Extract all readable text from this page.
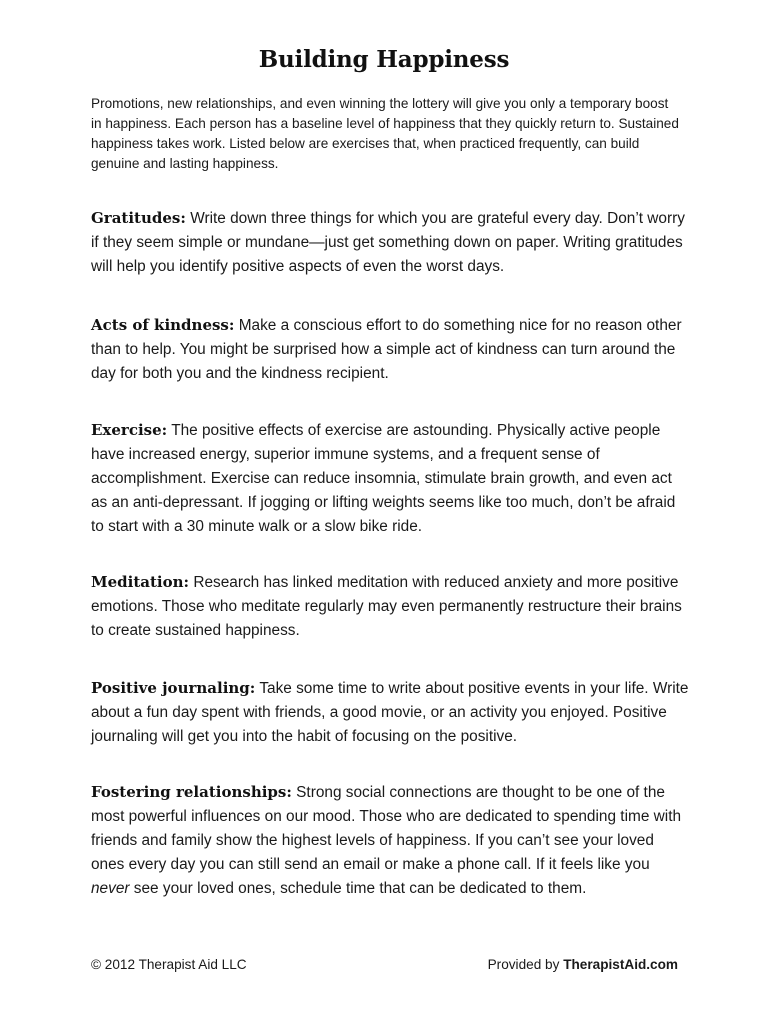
Building Happiness

Promotions, new relationships, and even winning the lottery will give you only a temporary boost in happiness. Each person has a baseline level of happiness that they quickly return to. Sustained happiness takes work. Listed below are exercises that, when practiced frequently, can build genuine and lasting happiness.

Gratitudes: Write down three things for which you are grateful every day. Don’t worry if they seem simple or mundane—just get something down on paper. Writing gratitudes will help you identify positive aspects of even the worst days.

Acts of kindness: Make a conscious effort to do something nice for no reason other than to help. You might be surprised how a simple act of kindness can turn around the day for both you and the kindness recipient.

Exercise: The positive effects of exercise are astounding. Physically active people have increased energy, superior immune systems, and a frequent sense of accomplishment. Exercise can reduce insomnia, stimulate brain growth, and even act as an anti-depressant. If jogging or lifting weights seems like too much, don’t be afraid to start with a 30 minute walk or a slow bike ride.

Meditation: Research has linked meditation with reduced anxiety and more positive emotions. Those who meditate regularly may even permanently restructure their brains to create sustained happiness.

Positive journaling: Take some time to write about positive events in your life. Write about a fun day spent with friends, a good movie, or an activity you enjoyed. Positive journaling will get you into the habit of focusing on the positive.

Fostering relationships: Strong social connections are thought to be one of the most powerful influences on our mood. Those who are dedicated to spending time with friends and family show the highest levels of happiness. If you can’t see your loved ones every day you can still send an email or make a phone call. If it feels like you never see your loved ones, schedule time that can be dedicated to them.

© 2012 Therapist Aid LLC	Provided by TherapistAid.com
